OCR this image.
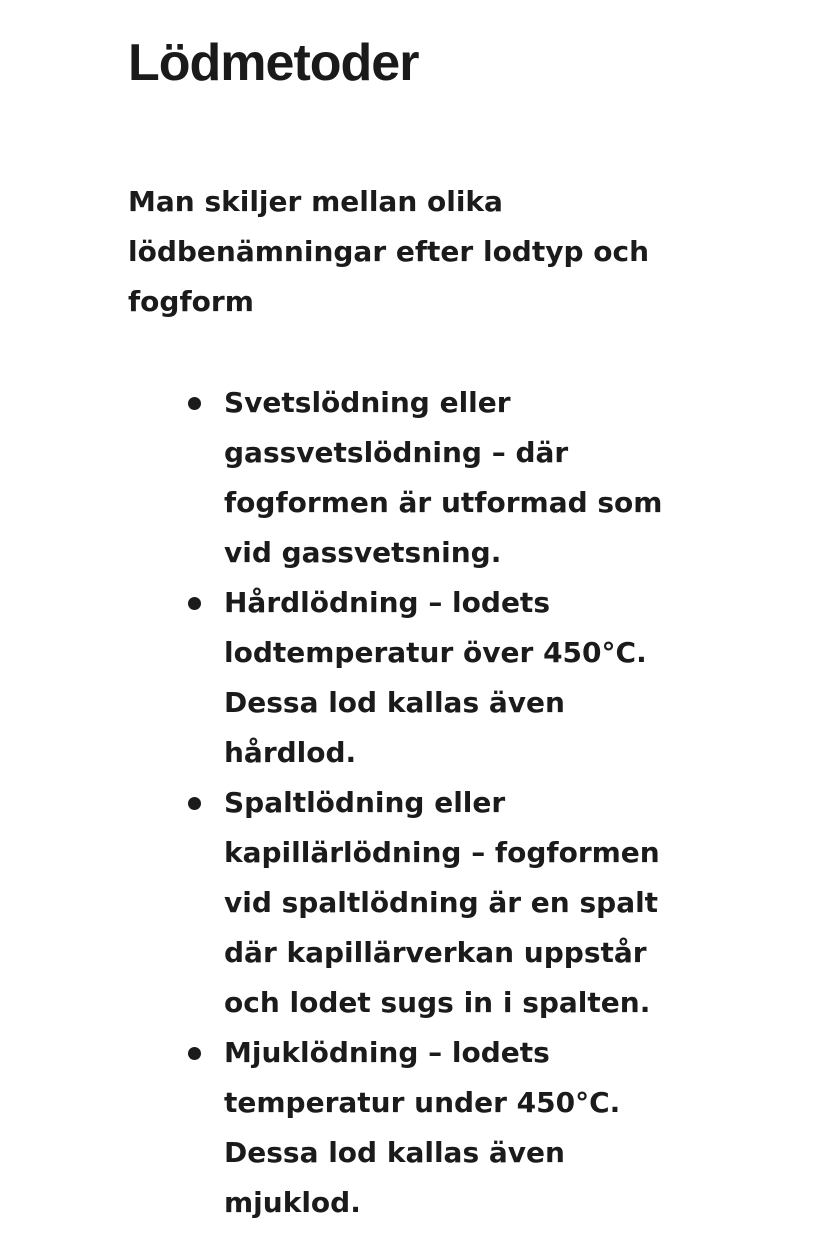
Lödmetoder

Man skiljer mellan olika lödbenämningar efter lodtyp och fogform

Svetslödning eller gassvetslödning – där fogformen är utformad som vid gassvetsning.
Hårdlödning – lodets lodtemperatur över 450°C. Dessa lod kallas även hårdlod.
Spaltlödning eller kapillärlödning – fogformen vid spaltlödning är en spalt där kapillärverkan uppstår och lodet sugs in i spalten.
Mjuklödning – lodets temperatur under 450°C. Dessa lod kallas även mjuklod.
